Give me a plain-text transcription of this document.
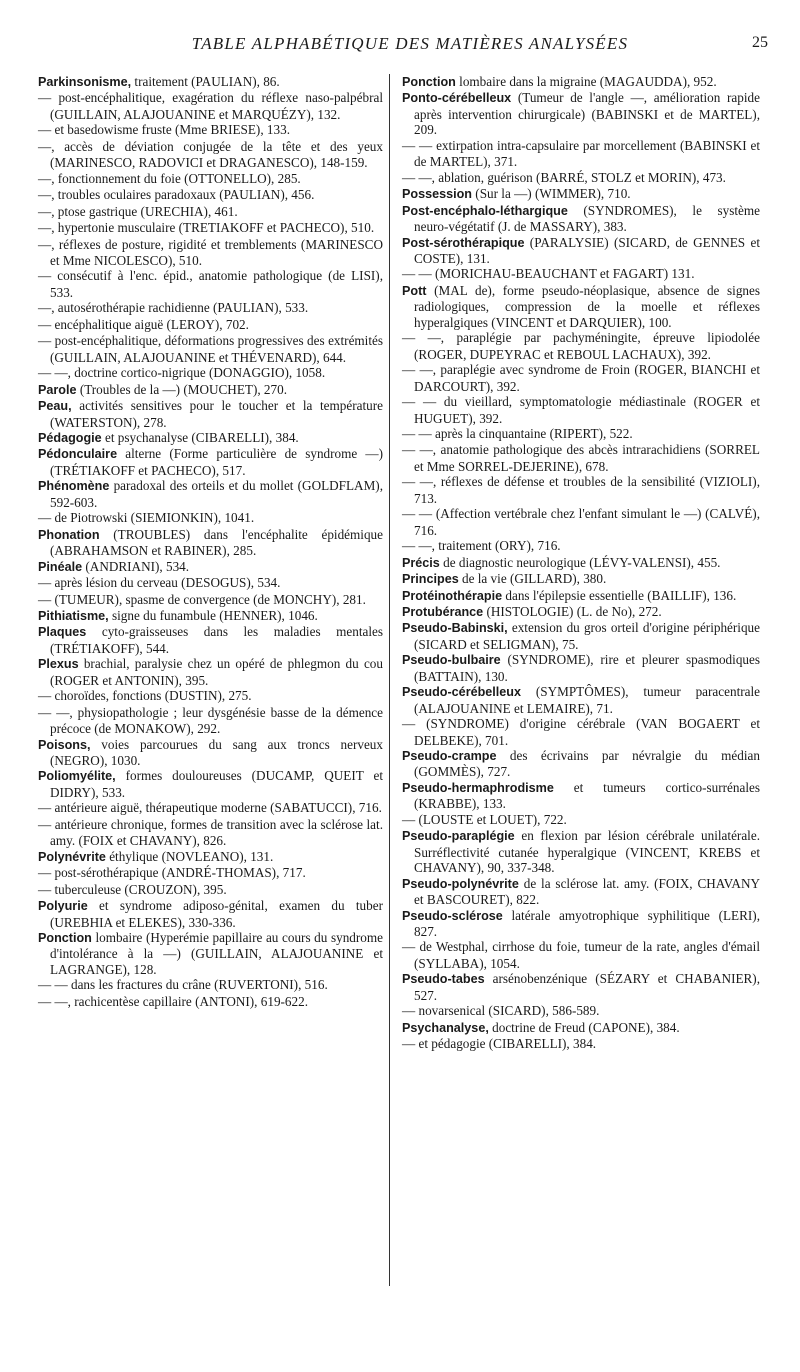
TABLE ALPHABÉTIQUE DES MATIÈRES ANALYSÉES	25
Parkinsonisme, traitement (PAULIAN), 86.
— post-encéphalitique, exagération du réflexe naso-palpébral (GUILLAIN, ALAJOUANINE et MARQUÉZY), 132.
— et basedowisme fruste (Mme BRIESE), 133.
—, accès de déviation conjugée de la tête et des yeux (MARINESCO, RADOVICI et DRAGANESCO), 148-159.
—, fonctionnement du foie (OTTONELLO), 285.
—, troubles oculaires paradoxaux (PAULIAN), 456.
—, ptose gastrique (URECHIA), 461.
—, hypertonie musculaire (TRETIAKOFF et PACHECO), 510.
—, réflexes de posture, rigidité et tremblements (MARINESCO et Mme NICOLESCO), 510.
— consécutif à l'enc. épid., anatomie pathologique (de LISI), 533.
—, autosérothérapie rachidienne (PAULIAN), 533.
— encéphalitique aiguë (LEROY), 702.
— post-encéphalitique, déformations progressives des extrémités (GUILLAIN, ALAJOUANINE et THÉVENARD), 644.
— —, doctrine cortico-nigrique (DONAGGIO), 1058.
Parole (Troubles de la —) (MOUCHET), 270.
Peau, activités sensitives pour le toucher et la température (WATERSTON), 278.
Pédagogie et psychanalyse (CIBARELLI), 384.
Pédonculaire alterne (Forme particulière de syndrome —) (TRÉTIAKOFF et PACHECO), 517.
Phénomène paradoxal des orteils et du mollet (GOLDFLAM), 592-603.
— de Piotrowski (SIEMIONKIN), 1041.
Phonation (TROUBLES) dans l'encéphalite épidémique (ABRAHAMSON et RABINER), 285.
Pinéale (ANDRIANI), 534.
— après lésion du cerveau (DESOGUS), 534.
— (TUMEUR), spasme de convergence (de MONCHY), 281.
Pithiatisme, signe du funambule (HENNER), 1046.
Plaques cyto-graisseuses dans les maladies mentales (TRÉTIAKOFF), 544.
Plexus brachial, paralysie chez un opéré de phlegmon du cou (ROGER et ANTONIN), 395.
— choroïdes, fonctions (DUSTIN), 275.
— —, physiopathologie ; leur dysgénésie basse de la démence précoce (de MONAKOW), 292.
Poisons, voies parcourues du sang aux troncs nerveux (NEGRO), 1030.
Poliomyélite, formes douloureuses (DUCAMP, QUEIT et DIDRY), 533.
— antérieure aiguë, thérapeutique moderne (SABATUCCI), 716.
— antérieure chronique, formes de transition avec la sclérose lat. amy. (FOIX et CHAVANY), 826.
Polynévrite éthylique (NOVLEANO), 131.
— post-sérothérapique (ANDRÉ-THOMAS), 717.
— tuberculeuse (CROUZON), 395.
Polyurie et syndrome adiposo-génital, examen du tuber (UREBHIA et ELEKES), 330-336.
Ponction lombaire (Hyperémie papillaire au cours du syndrome d'intolérance à la —) (GUILLAIN, ALAJOUANINE et LAGRANGE), 128.
— — dans les fractures du crâne (RUVERTONI), 516.
— —, rachicentèse capillaire (ANTONI), 619-622.
Ponction lombaire dans la migraine (MAGAUDDA), 952.
Ponto-cérébelleux (Tumeur de l'angle —, amélioration rapide après intervention chirurgicale) (BABINSKI et de MARTEL), 209.
— — extirpation intra-capsulaire par morcellement (BABINSKI et de MARTEL), 371.
— —, ablation, guérison (BARRÉ, STOLZ et MORIN), 473.
Possession (Sur la —) (WIMMER), 710.
Post-encéphalo-léthargique (SYNDROMES), le système neuro-végétatif (J. de MASSARY), 383.
Post-sérothérapique (PARALYSIE) (SICARD, de GENNES et COSTE), 131.
— — (MORICHAU-BEAUCHANT et FAGART) 131.
Pott (MAL de), forme pseudo-néoplasique, absence de signes radiologiques, compression de la moelle et réflexes hyperalgiques (VINCENT et DARQUIER), 100.
— —, paraplégie par pachyméningite, épreuve lipiodolée (ROGER, DUPEYRAC et REBOUL LACHAUX), 392.
— —, paraplégie avec syndrome de Froin (ROGER, BIANCHI et DARCOURT), 392.
— — du vieillard, symptomatologie médiastinale (ROGER et HUGUET), 392.
— — après la cinquantaine (RIPERT), 522.
— —, anatomie pathologique des abcès intrarachidiens (SORREL et Mme SORREL-DEJERINE), 678.
— —, réflexes de défense et troubles de la sensibilité (VIZIOLI), 713.
— — (Affection vertébrale chez l'enfant simulant le —) (CALVÉ), 716.
— —, traitement (ORY), 716.
Précis de diagnostic neurologique (LÉVY-VALENSI), 455.
Principes de la vie (GILLARD), 380.
Protéinothérapie dans l'épilepsie essentielle (BAILLIF), 136.
Protubérance (HISTOLOGIE) (L. de No), 272.
Pseudo-Babinski, extension du gros orteil d'origine périphérique (SICARD et SELIGMAN), 75.
Pseudo-bulbaire (SYNDROME), rire et pleurer spasmodiques (BATTAIN), 130.
Pseudo-cérébelleux (SYMPTÔMES), tumeur paracentrale (ALAJOUANINE et LEMAIRE), 71.
— (SYNDROME) d'origine cérébrale (VAN BOGAERT et DELBEKE), 701.
Pseudo-crampe des écrivains par névralgie du médian (GOMMÈS), 727.
Pseudo-hermaphrodisme et tumeurs cortico-surrénales (KRABBE), 133.
— (LOUSTE et LOUET), 722.
Pseudo-paraplégie en flexion par lésion cérébrale unilatérale. Surréflectivité cutanée hyperalgique (VINCENT, KREBS et CHAVANY), 90, 337-348.
Pseudo-polynévrite de la sclérose lat. amy. (FOIX, CHAVANY et BASCOURET), 822.
Pseudo-sclérose latérale amyotrophique syphilitique (LERI), 827.
— de Westphal, cirrhose du foie, tumeur de la rate, angles d'émail (SYLLABA), 1054.
Pseudo-tabes arsénobenzénique (SÉZARY et CHABANIER), 527.
— novarsenical (SICARD), 586-589.
Psychanalyse, doctrine de Freud (CAPONE), 384.
— et pédagogie (CIBARELLI), 384.
